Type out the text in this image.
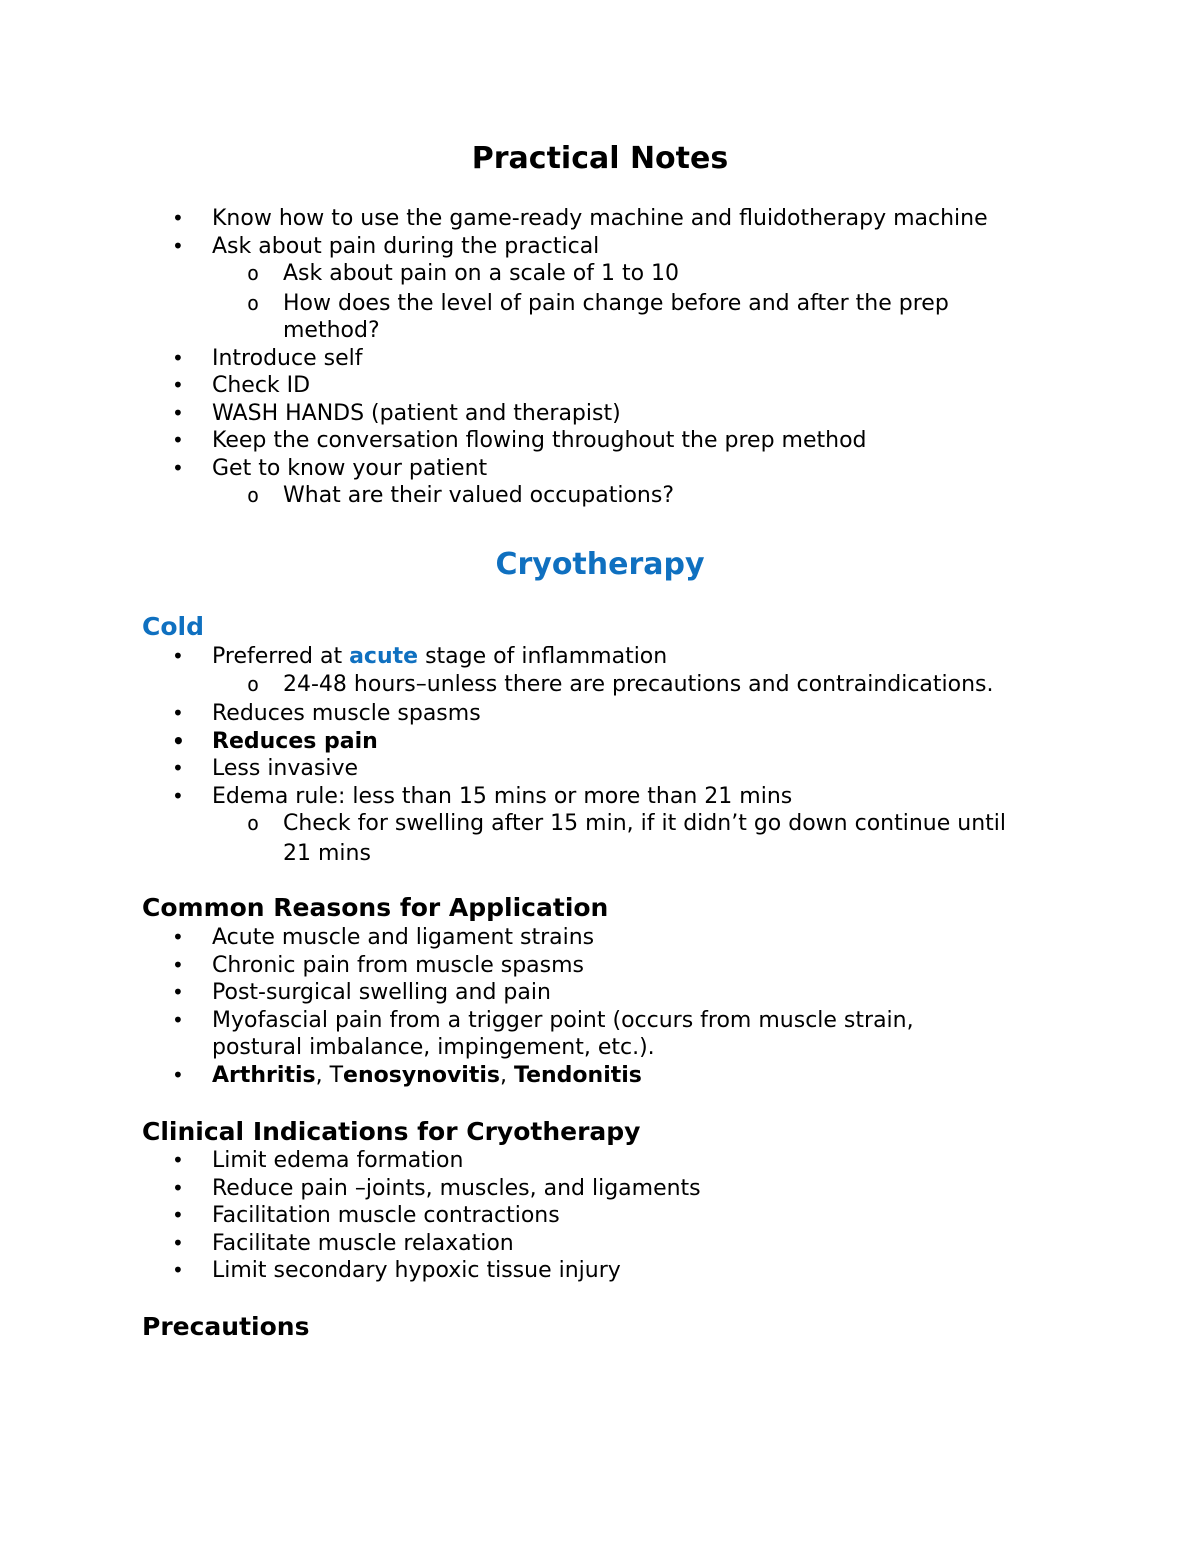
Practical Notes
• Know how to use the game-ready machine and fluidotherapy machine
• Ask about pain during the practical
o Ask about pain on a scale of 1 to 10
o How does the level of pain change before and after the prep
method?
• Introduce self
• Check ID
• WASH HANDS (patient and therapist)
• Keep the conversation flowing throughout the prep method
• Get to know your patient
o What are their valued occupations?
Cryotherapy
Cold
• Preferred at acute stage of inflammation
o 24-48 hours–unless there are precautions and contraindications.
• Reduces muscle spasms
• Reduces pain
• Less invasive
• Edema rule: less than 15 mins or more than 21 mins
o Check for swelling after 15 min, if it didn’t go down continue until
21 mins
Common Reasons for Application
• Acute muscle and ligament strains
• Chronic pain from muscle spasms
• Post-surgical swelling and pain
• Myofascial pain from a trigger point (occurs from muscle strain,
postural imbalance, impingement, etc.).
• Arthritis, Tenosynovitis, Tendonitis
Clinical Indications for Cryotherapy
• Limit edema formation
• Reduce pain –joints, muscles, and ligaments
• Facilitation muscle contractions
• Facilitate muscle relaxation
• Limit secondary hypoxic tissue injury
Precautions
